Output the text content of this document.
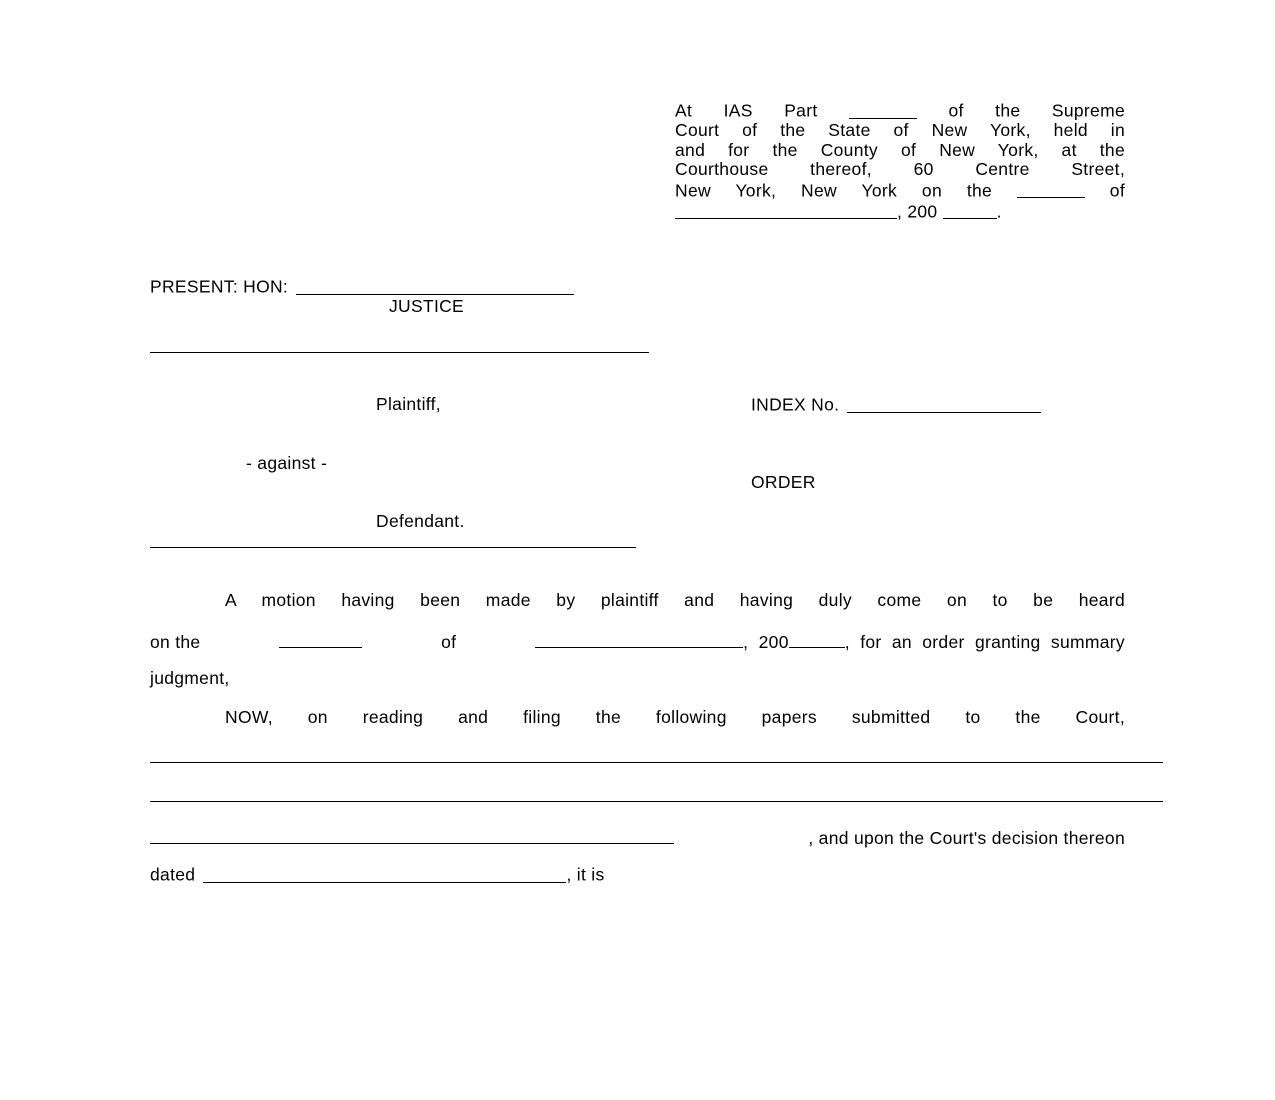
At IAS Part	of the Supreme
Court of the State of New York, held in
and for the County of New York, at the
Courthouse thereof, 60 Centre Street,
New York, New York on the	of
, 200	.
PRESENT: HON:
JUSTICE
Plaintiff,
- against -
Defendant.
INDEX No.
ORDER
A motion having been made by plaintiff and having duly come on to be heard
on the	of	,  200	,  for  an  order  granting  summary
judgment,
NOW, on reading and filing the following papers submitted to the Court,
, and upon the Court's decision thereon
dated	, it is
